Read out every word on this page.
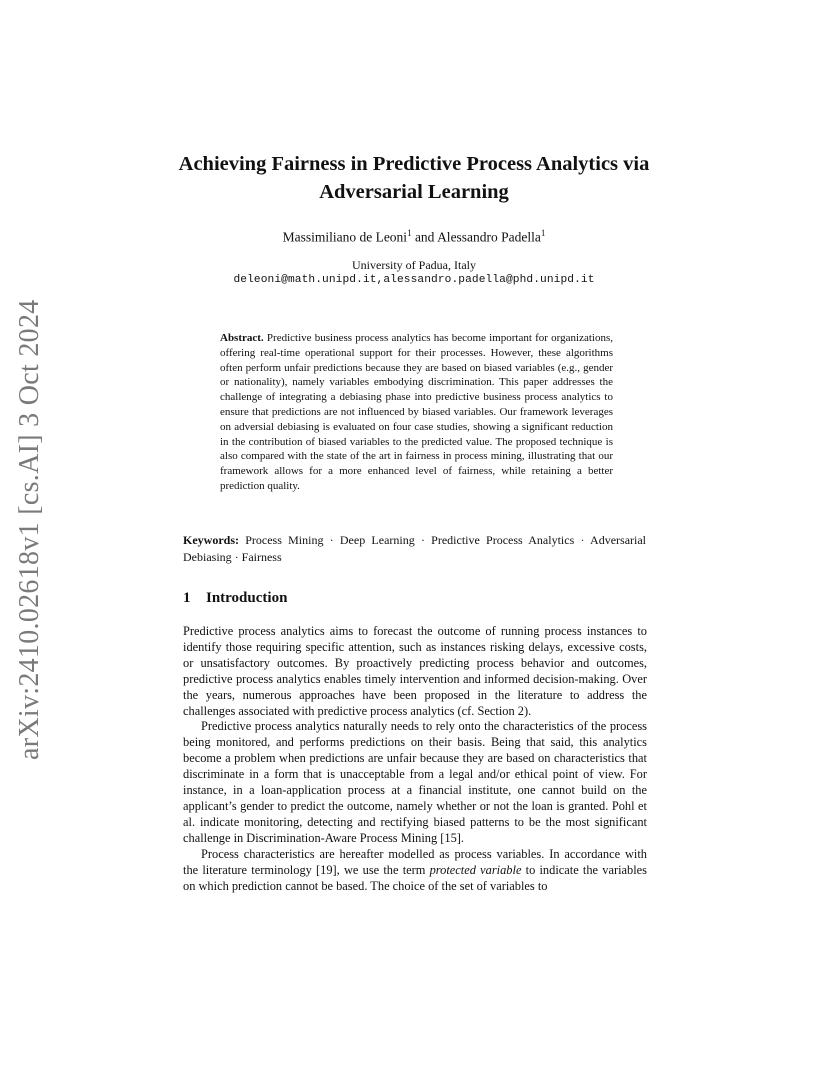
arXiv:2410.02618v1 [cs.AI] 3 Oct 2024
Achieving Fairness in Predictive Process Analytics via
Adversarial Learning
Massimiliano de Leoni$^1$ and Alessandro Padella$^1$
University of Padua, Italy
deleoni@math.unipd.it,alessandro.padella@phd.unipd.it
Abstract. Predictive business process analytics has become important for organizations, offering real-time operational support for their processes. However, these algorithms often perform unfair predictions because they are based on biased variables (e.g., gender or nationality), namely variables embodying discrimination. This paper addresses the challenge of integrating a debiasing phase into predictive business process analytics to ensure that predictions are not influenced by biased variables. Our framework leverages on adversial debiasing is evaluated on four case studies, showing a significant reduction in the contribution of biased variables to the predicted value. The proposed technique is also compared with the state of the art in fairness in process mining, illustrating that our framework allows for a more enhanced level of fairness, while retaining a better prediction quality.
Keywords: Process Mining · Deep Learning · Predictive Process Analytics · Adversarial Debiasing · Fairness
1 Introduction

Predictive process analytics aims to forecast the outcome of running process instances to identify those requiring specific attention, such as instances risking delays, excessive costs, or unsatisfactory outcomes. By proactively predicting process behavior and outcomes, predictive process analytics enables timely intervention and informed decision-making. Over the years, numerous approaches have been proposed in the literature to address the challenges associated with predictive process analytics (cf. Section 2).

Predictive process analytics naturally needs to rely onto the characteristics of the process being monitored, and performs predictions on their basis. Being that said, this analytics become a problem when predictions are unfair because they are based on characteristics that discriminate in a form that is unacceptable from a legal and/or ethical point of view. For instance, in a loan-application process at a financial institute, one cannot build on the applicant’s gender to predict the outcome, namely whether or not the loan is granted. Pohl et al. indicate monitoring, detecting and rectifying biased patterns to be the most significant challenge in Discrimination-Aware Process Mining [15].

Process characteristics are hereafter modelled as process variables. In accordance with the literature terminology [19], we use the term protected variable to indicate the variables on which prediction cannot be based. The choice of the set of variables to
